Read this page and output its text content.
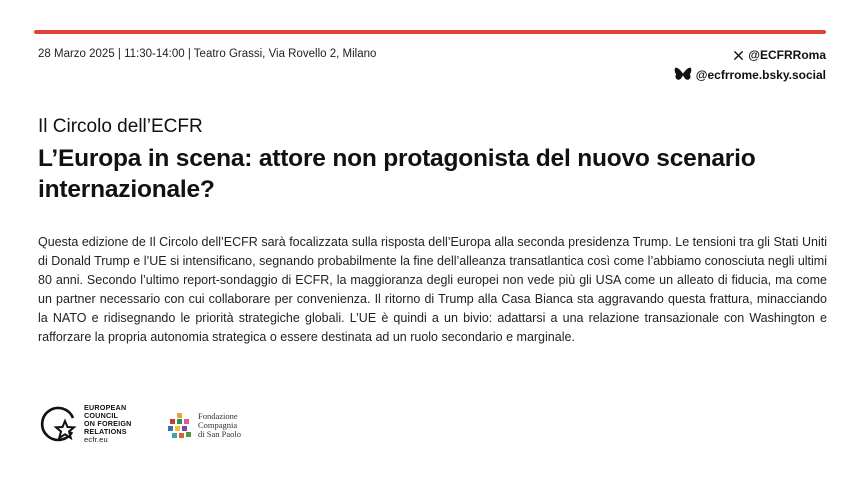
28 Marzo 2025 | 11:30-14:00 | Teatro Grassi, Via Rovello 2, Milano	@ECFRRoma
@ecfrrome.bsky.social
Il Circolo dell’ECFR
L’Europa in scena: attore non protagonista del nuovo scenario internazionale?
Questa edizione de Il Circolo dell’ECFR sarà focalizzata sulla risposta dell’Europa alla seconda presidenza Trump. Le tensioni tra gli Stati Uniti di Donald Trump e l’UE si intensificano, segnando probabilmente la fine dell’alleanza transatlantica così come l’abbiamo conosciuta negli ultimi 80 anni. Secondo l’ultimo report-sondaggio di ECFR, la maggioranza degli europei non vede più gli USA come un alleato di fiducia, ma come un partner necessario con cui collaborare per convenienza. Il ritorno di Trump alla Casa Bianca sta aggravando questa frattura, minacciando la NATO e ridisegnando le priorità strategiche globali. L’UE è quindi a un bivio: adattarsi a una relazione transazionale con Washington e rafforzare la propria autonomia strategica o essere destinata ad un ruolo secondario e marginale.
EUROPEAN
COUNCIL
ON FOREIGN
RELATIONS
ecfr.eu
Fondazione
Compagnia
di San Paolo
